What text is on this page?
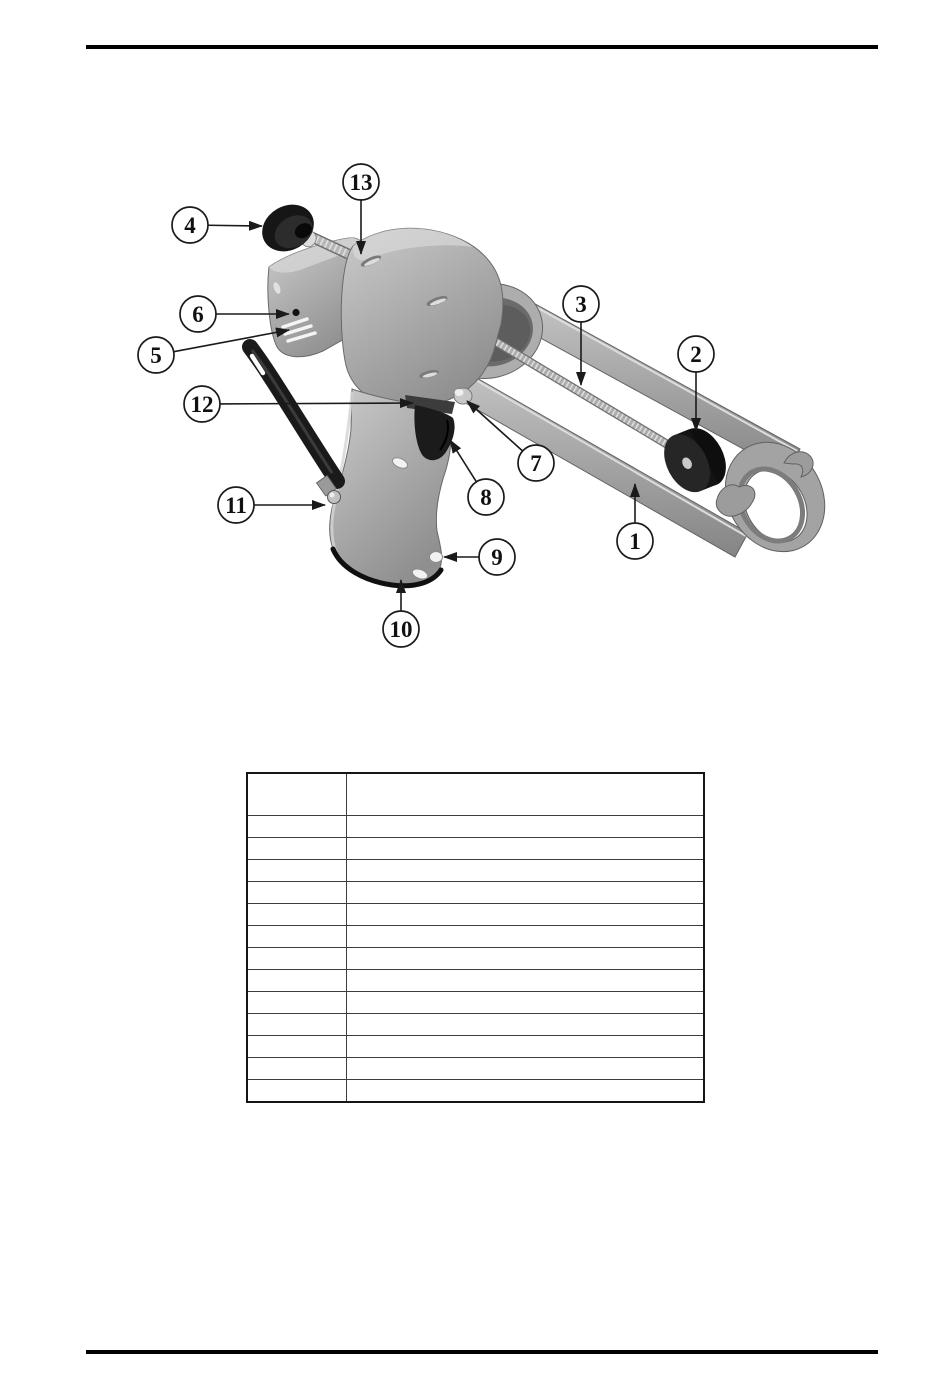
1
2
3
4
5
6
7
8
9
10
11
12
13
